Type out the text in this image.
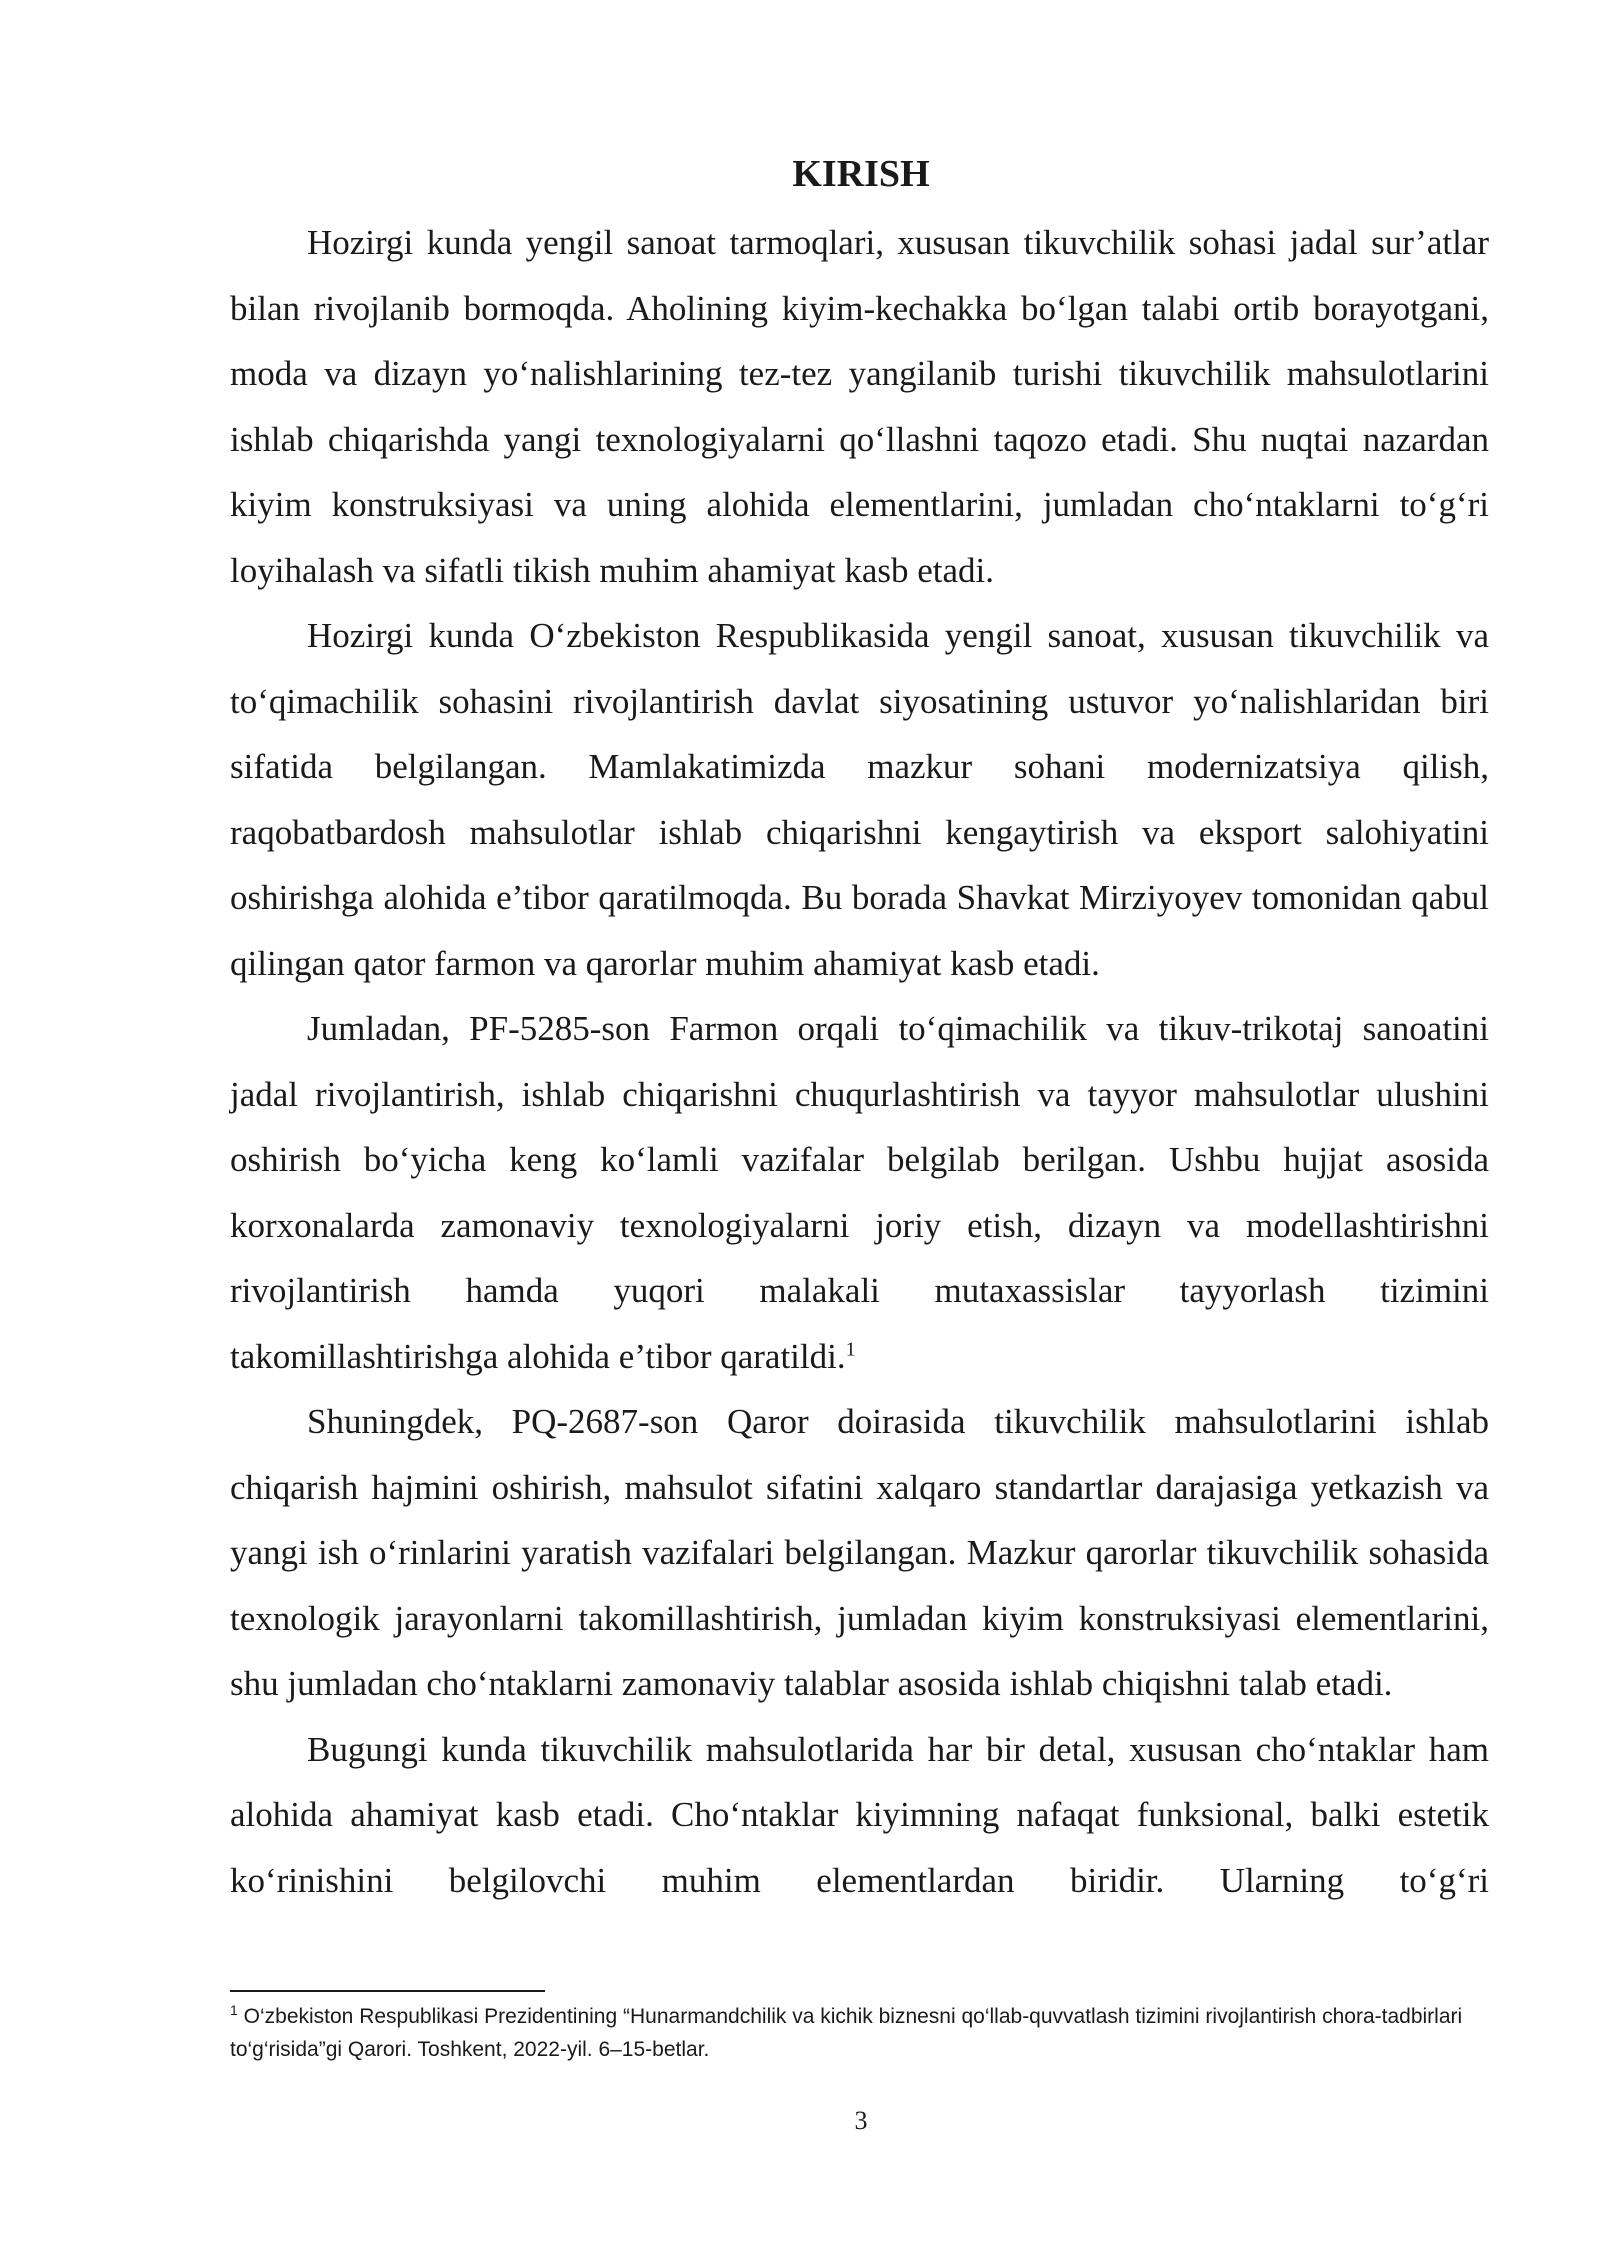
KIRISH

Hozirgi kunda yengil sanoat tarmoqlari, xususan tikuvchilik sohasi jadal sur’atlar bilan rivojlanib bormoqda. Aholining kiyim-kechakka bo‘lgan talabi ortib borayotgani, moda va dizayn yo‘nalishlarining tez-tez yangilanib turishi tikuvchilik mahsulotlarini ishlab chiqarishda yangi texnologiyalarni qo‘llashni taqozo etadi. Shu nuqtai nazardan kiyim konstruksiyasi va uning alohida elementlarini, jumladan cho‘ntaklarni to‘g‘ri loyihalash va sifatli tikish muhim ahamiyat kasb etadi.

Hozirgi kunda O‘zbekiston Respublikasida yengil sanoat, xususan tikuvchilik va to‘qimachilik sohasini rivojlantirish davlat siyosatining ustuvor yo‘nalishlaridan biri sifatida belgilangan. Mamlakatimizda mazkur sohani modernizatsiya qilish, raqobatbardosh mahsulotlar ishlab chiqarishni kengaytirish va eksport salohiyatini oshirishga alohida e’tibor qaratilmoqda. Bu borada Shavkat Mirziyoyev tomonidan qabul qilingan qator farmon va qarorlar muhim ahamiyat kasb etadi.

Jumladan, PF-5285-son Farmon orqali to‘qimachilik va tikuv-trikotaj sanoatini jadal rivojlantirish, ishlab chiqarishni chuqurlashtirish va tayyor mahsulotlar ulushini oshirish bo‘yicha keng ko‘lamli vazifalar belgilab berilgan. Ushbu hujjat asosida korxonalarda zamonaviy texnologiyalarni joriy etish, dizayn va modellashtirishni rivojlantirish hamda yuqori malakali mutaxassislar tayyorlash tizimini takomillashtirishga alohida e’tibor qaratildi.$^1$

Shuningdek, PQ-2687-son Qaror doirasida tikuvchilik mahsulotlarini ishlab chiqarish hajmini oshirish, mahsulot sifatini xalqaro standartlar darajasiga yetkazish va yangi ish o‘rinlarini yaratish vazifalari belgilangan. Mazkur qarorlar tikuvchilik sohasida texnologik jarayonlarni takomillashtirish, jumladan kiyim konstruksiyasi elementlarini, shu jumladan cho‘ntaklarni zamonaviy talablar asosida ishlab chiqishni talab etadi.

Bugungi kunda tikuvchilik mahsulotlarida har bir detal, xususan cho‘ntaklar ham alohida ahamiyat kasb etadi. Cho‘ntaklar kiyimning nafaqat funksional, balki estetik ko‘rinishini belgilovchi muhim elementlardan biridir. Ularning to‘g‘ri

$^1$ O‘zbekiston Respublikasi Prezidentining “Hunarmandchilik va kichik biznesni qo‘llab-quvvatlash tizimini rivojlantirish chora-tadbirlari to‘g‘risida”gi Qarori. Toshkent, 2022-yil. 6–15-betlar.
3
